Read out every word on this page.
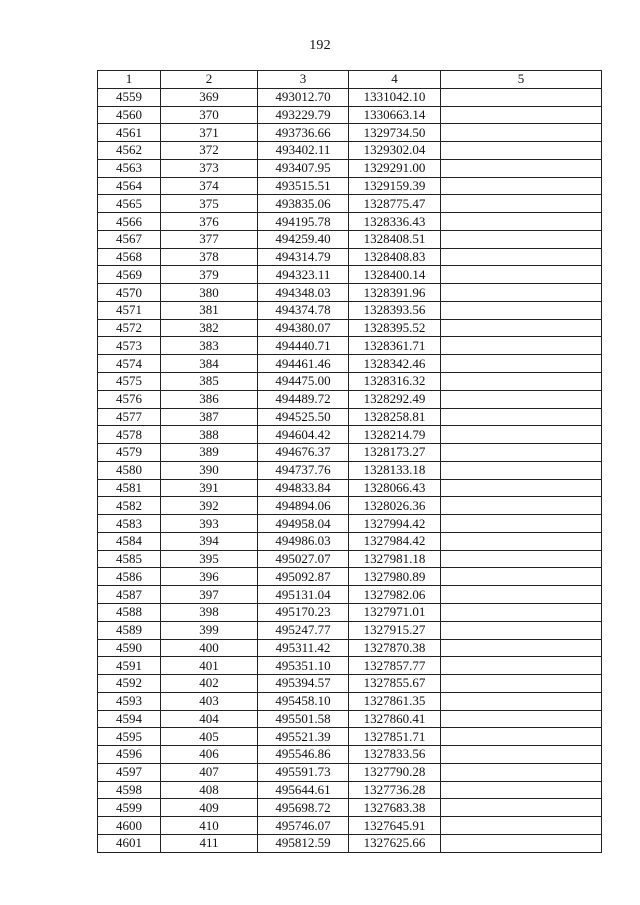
192
1	2	3	4	5
4559	369	493012.70	1331042.10	
4560	370	493229.79	1330663.14	
4561	371	493736.66	1329734.50	
4562	372	493402.11	1329302.04	
4563	373	493407.95	1329291.00	
4564	374	493515.51	1329159.39	
4565	375	493835.06	1328775.47	
4566	376	494195.78	1328336.43	
4567	377	494259.40	1328408.51	
4568	378	494314.79	1328408.83	
4569	379	494323.11	1328400.14	
4570	380	494348.03	1328391.96	
4571	381	494374.78	1328393.56	
4572	382	494380.07	1328395.52	
4573	383	494440.71	1328361.71	
4574	384	494461.46	1328342.46	
4575	385	494475.00	1328316.32	
4576	386	494489.72	1328292.49	
4577	387	494525.50	1328258.81	
4578	388	494604.42	1328214.79	
4579	389	494676.37	1328173.27	
4580	390	494737.76	1328133.18	
4581	391	494833.84	1328066.43	
4582	392	494894.06	1328026.36	
4583	393	494958.04	1327994.42	
4584	394	494986.03	1327984.42	
4585	395	495027.07	1327981.18	
4586	396	495092.87	1327980.89	
4587	397	495131.04	1327982.06	
4588	398	495170.23	1327971.01	
4589	399	495247.77	1327915.27	
4590	400	495311.42	1327870.38	
4591	401	495351.10	1327857.77	
4592	402	495394.57	1327855.67	
4593	403	495458.10	1327861.35	
4594	404	495501.58	1327860.41	
4595	405	495521.39	1327851.71	
4596	406	495546.86	1327833.56	
4597	407	495591.73	1327790.28	
4598	408	495644.61	1327736.28	
4599	409	495698.72	1327683.38	
4600	410	495746.07	1327645.91	
4601	411	495812.59	1327625.66	
